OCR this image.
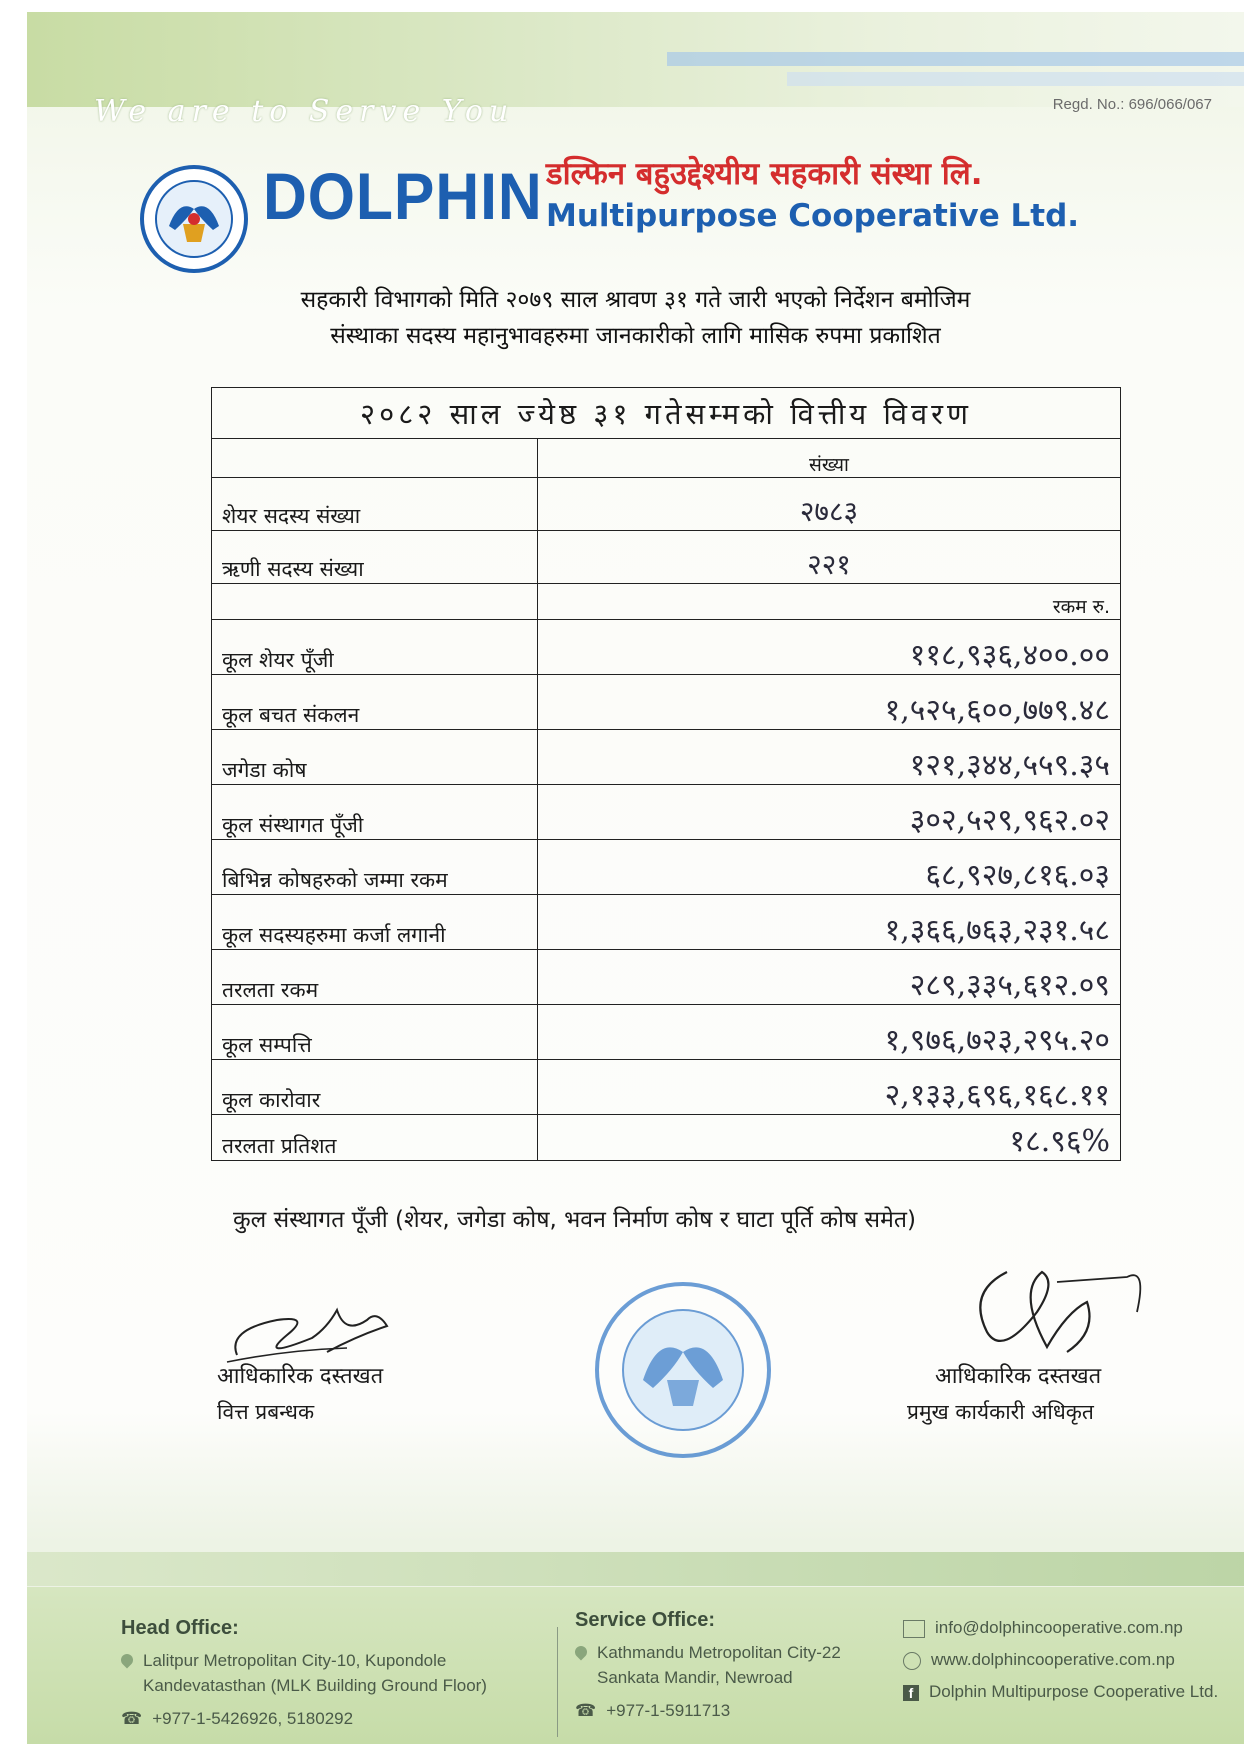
We are to Serve You	Regd. No.: 696/066/067
DOLPHIN डल्फिन बहुउद्देश्यीय सहकारी संस्था लि.
Multipurpose Cooperative Ltd.
सहकारी विभागको मिति २०७९ साल श्रावण ३१ गते जारी भएको निर्देशन बमोजिम
संस्थाका सदस्य महानुभावहरुमा जानकारीको लागि मासिक रुपमा प्रकाशित
२०८२ साल ज्येष्ठ ३१ गतेसम्मको वित्तीय विवरण	
	संख्या
शेयर सदस्य संख्या	२७८३
ऋणी सदस्य संख्या	२२१
	रकम रु.
कूल शेयर पूँजी	११८,९३६,४००.००
कूल बचत संकलन	१,५२५,६००,७७९.४८
जगेडा कोष	१२१,३४४,५५९.३५
कूल संस्थागत पूँजी	३०२,५२९,९६२.०२
बिभिन्न कोषहरुको जम्मा रकम	६८,९२७,८१६.०३
कूल सदस्यहरुमा कर्जा लगानी	१,३६६,७६३,२३१.५८
तरलता रकम	२८९,३३५,६१२.०९
कूल सम्पत्ति	१,९७६,७२३,२९५.२०
कूल कारोवार	२,१३३,६९६,१६८.११
तरलता प्रतिशत	१८.९६%
कुल संस्थागत पूँजी (शेयर, जगेडा कोष, भवन निर्माण कोष र घाटा पूर्ति कोष समेत)
आधिकारिक दस्तखत
वित्त प्रबन्धक
आधिकारिक दस्तखत
प्रमुख कार्यकारी अधिकृत
Head Office:
Lalitpur Metropolitan City-10, Kupondole
Kandevatasthan (MLK Building Ground Floor)
☎ +977-1-5426926, 5180292
Service Office:
Kathmandu Metropolitan City-22
Sankata Mandir, Newroad
☎ +977-1-5911713
info@dolphincooperative.com.np
www.dolphincooperative.com.np
f Dolphin Multipurpose Cooperative Ltd.
